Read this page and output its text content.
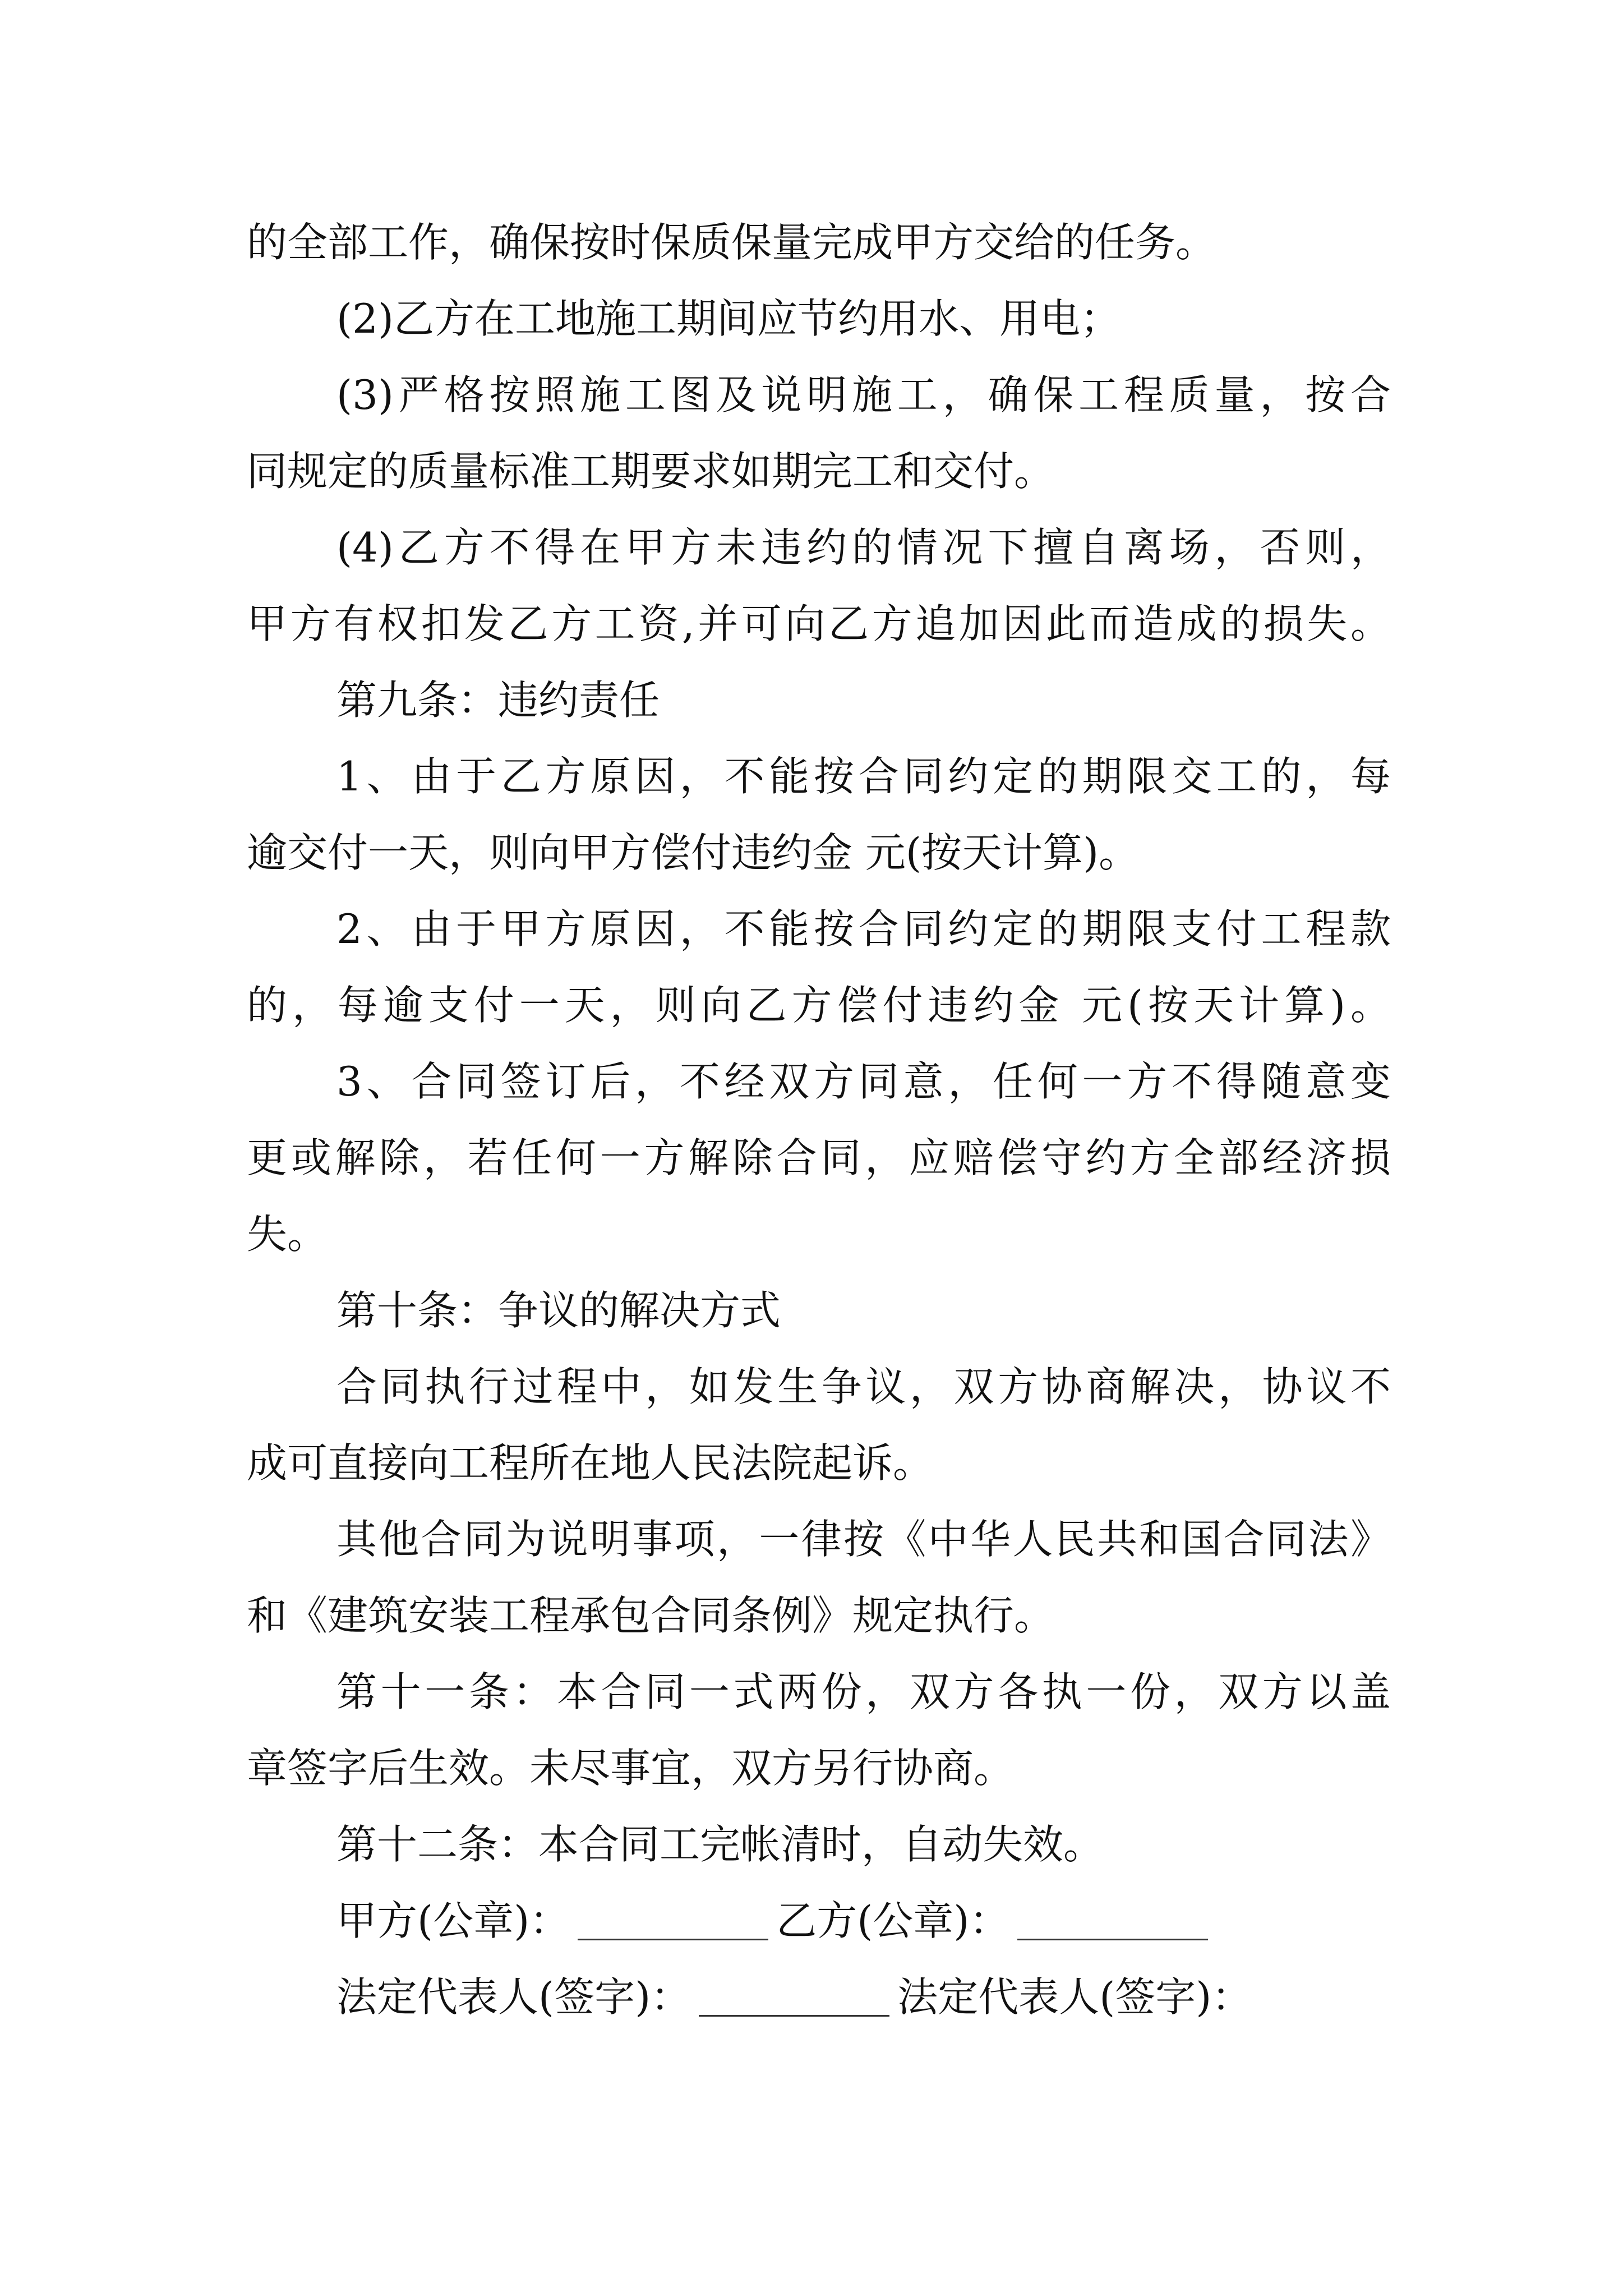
的全部工作，确保按时保质保量完成甲方交给的任务。
(2)乙方在工地施工期间应节约用水、用电；
(3)严格按照施工图及说明施工，确保工程质量，按合
同规定的质量标准工期要求如期完工和交付。
(4)乙方不得在甲方未违约的情况下擅自离场，否则，
甲方有权扣发乙方工资,并可向乙方追加因此而造成的损失。
第九条：违约责任
1、由于乙方原因，不能按合同约定的期限交工的，每
逾交付一天，则向甲方偿付违约金 元(按天计算)。
2、由于甲方原因，不能按合同约定的期限支付工程款
的，每逾支付一天，则向乙方偿付违约金 元(按天计算)。
3、合同签订后，不经双方同意，任何一方不得随意变
更或解除，若任何一方解除合同，应赔偿守约方全部经济损
失。
第十条：争议的解决方式
合同执行过程中，如发生争议，双方协商解决，协议不
成可直接向工程所在地人民法院起诉。
其他合同为说明事项，一律按《中华人民共和国合同法》
和《建筑安装工程承包合同条例》规定执行。
第十一条：本合同一式两份，双方各执一份，双方以盖
章签字后生效。未尽事宜，双方另行协商。
第十二条：本合同工完帐清时，自动失效。
甲方(公章)：	乙方(公章)：
法定代表人(签字)：	法定代表人(签字)：
